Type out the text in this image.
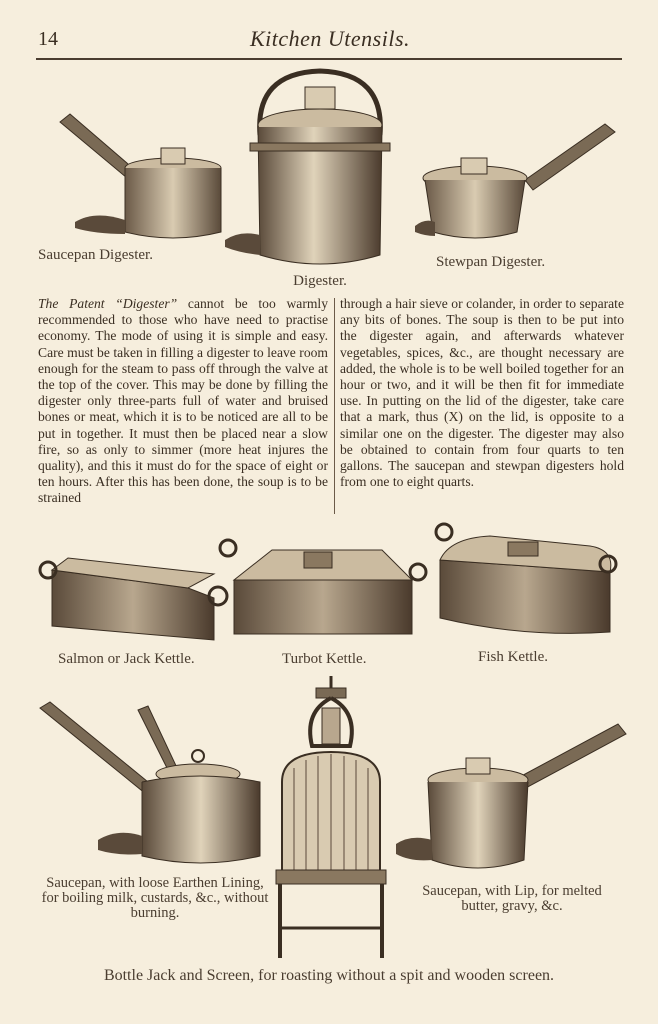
14	Kitchen Utensils.
Saucepan Digester.
Digester.
Stewpan Digester.

The Patent “Digester” cannot be too warmly recommended to those who have need to practise economy. The mode of using it is simple and easy. Care must be taken in filling a digester to leave room enough for the steam to pass off through the valve at the top of the cover. This may be done by filling the digester only three-parts full of water and bruised bones or meat, which it is to be noticed are all to be put in together. It must then be placed near a slow fire, so as only to simmer (more heat injures the quality), and this it must do for the space of eight or ten hours. After this has been done, the soup is to be strained

through a hair sieve or colander, in order to separate any bits of bones. The soup is then to be put into the digester again, and afterwards whatever vegetables, spices, &c., are thought necessary are added, the whole is to be well boiled together for an hour or two, and it will be then fit for immediate use. In putting on the lid of the digester, take care that a mark, thus (X) on the lid, is opposite to a similar one on the digester. The digester may also be obtained to contain from four quarts to ten gallons. The saucepan and stewpan digesters hold from one to eight quarts.

Salmon or Jack Kettle.	Turbot Kettle.	Fish Kettle.
Saucepan, with loose Earthen Lining, for boiling milk, custards, &c., without burning.
Saucepan, with Lip, for melted butter, gravy, &c.
Bottle Jack and Screen, for roasting without a spit and wooden screen.
